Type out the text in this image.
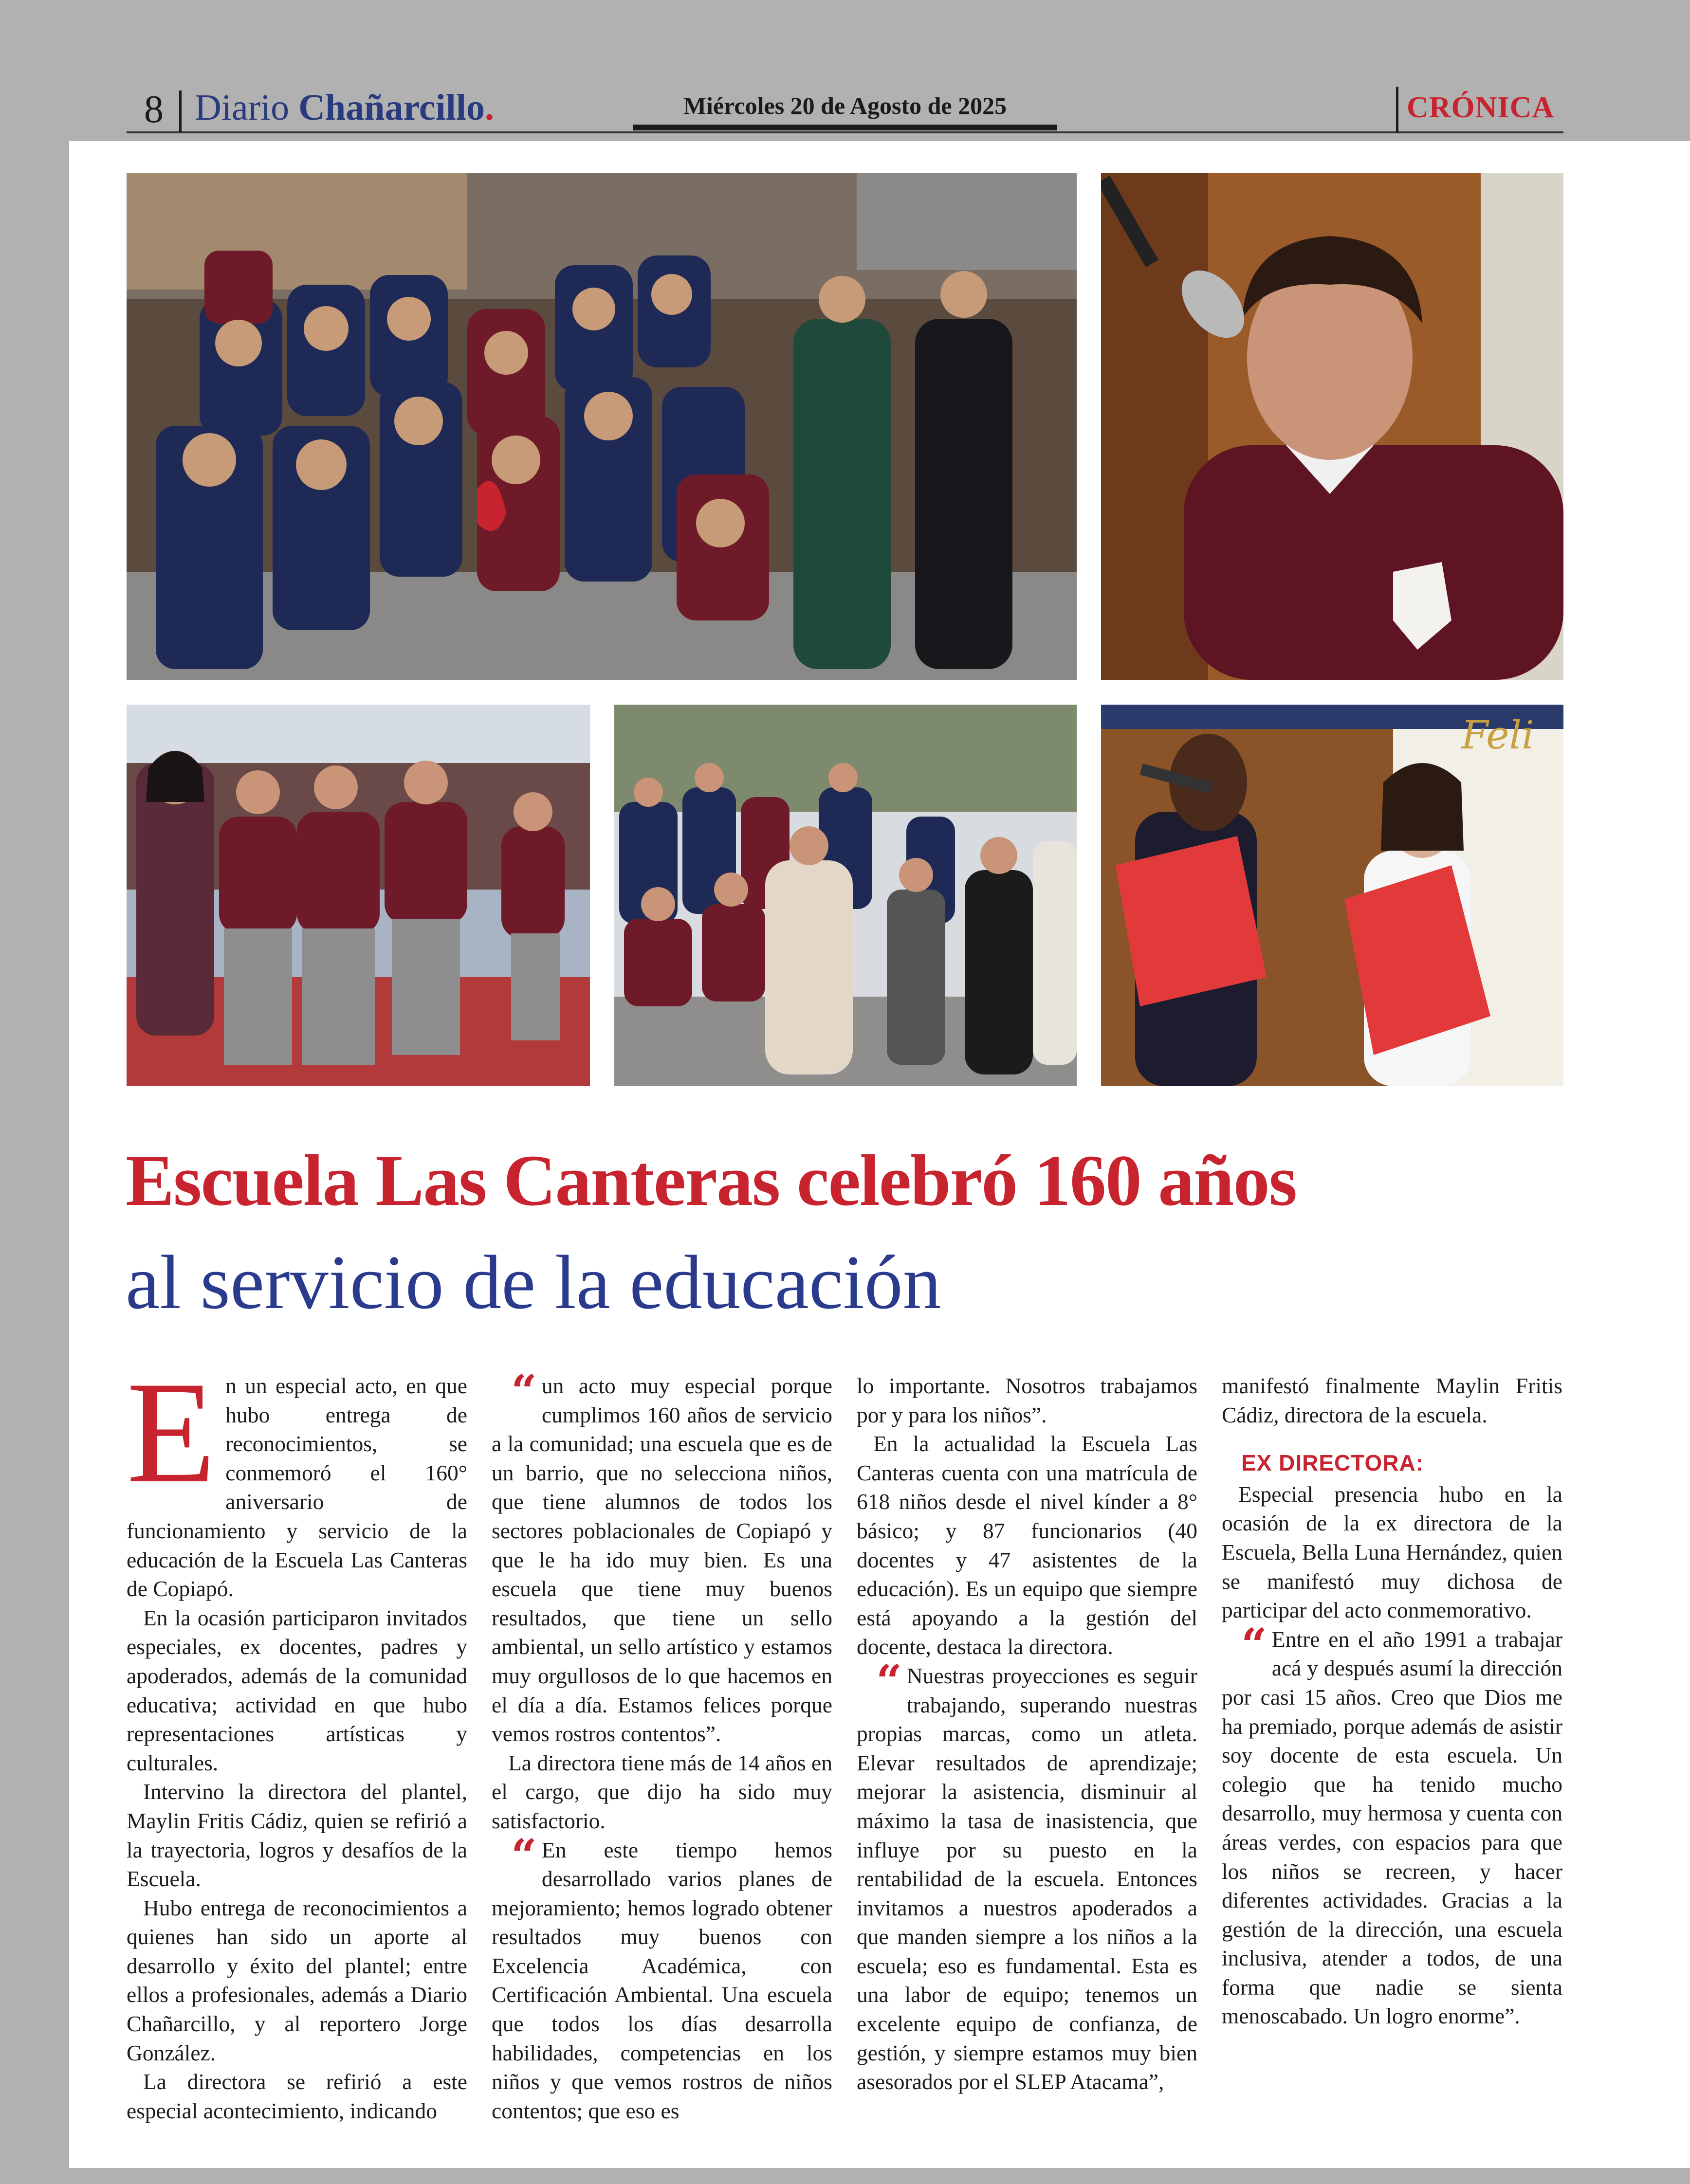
8 Diario Chañarcillo.	Miércoles 20 de Agosto de 2025	CRÓNICA
Feli
Escuela Las Canteras celebró 160 años
al servicio de la educación

En un especial acto, en que hubo entrega de reconocimientos, se conmemoró el 160° aniversario de funcionamiento y servicio de la educación de la Escuela Las Canteras de Copiapó.

En la ocasión participaron invitados especiales, ex docentes, padres y apoderados, además de la comunidad educativa; actividad en que hubo representaciones artísticas y culturales.

Intervino la directora del plantel, Maylin Fritis Cádiz, quien se refirió a la trayectoria, logros y desafíos de la Escuela.

Hubo entrega de reconocimientos a quienes han sido un aporte al desarrollo y éxito del plantel; entre ellos a profesionales, además a Diario Chañarcillo, y al reportero Jorge González.

La directora se refirió a este especial acontecimiento, indicando

“ un acto muy especial porque cumplimos 160 años de servicio a la comunidad; una escuela que es de un barrio, que no selecciona niños, que tiene alumnos de todos los sectores poblacionales de Copiapó y que le ha ido muy bien. Es una escuela que tiene muy buenos resultados, que tiene un sello ambiental, un sello artístico y estamos muy orgullosos de lo que hacemos en el día a día. Estamos felices porque vemos rostros contentos”.

La directora tiene más de 14 años en el cargo, que dijo ha sido muy satisfactorio.

“ En este tiempo hemos desarrollado varios planes de mejoramiento; hemos logrado obtener resultados muy buenos con Excelencia Académica, con Certificación Ambiental. Una escuela que todos los días desarrolla habilidades, competencias en los niños y que vemos rostros de niños contentos; que eso es

lo importante. Nosotros trabajamos por y para los niños”.

En la actualidad la Escuela Las Canteras cuenta con una matrícula de 618 niños desde el nivel kínder a 8° básico; y 87 funcionarios (40 docentes y 47 asistentes de la educación). Es un equipo que siempre está apoyando a la gestión del docente, destaca la directora.

“ Nuestras proyecciones es seguir trabajando, superando nuestras propias marcas, como un atleta. Elevar resultados de aprendizaje; mejorar la asistencia, disminuir al máximo la tasa de inasistencia, que influye por su puesto en la rentabilidad de la escuela. Entonces invitamos a nuestros apoderados a que manden siempre a los niños a la escuela; eso es fundamental. Esta es una labor de equipo; tenemos un excelente equipo de confianza, de gestión, y siempre estamos muy bien asesorados por el SLEP Atacama”,

manifestó finalmente Maylin Fritis Cádiz, directora de la escuela.

EX DIRECTORA:

Especial presencia hubo en la ocasión de la ex directora de la Escuela, Bella Luna Hernández, quien se manifestó muy dichosa de participar del acto conmemorativo.

“ Entre en el año 1991 a trabajar acá y después asumí la dirección por casi 15 años. Creo que Dios me ha premiado, porque además de asistir soy docente de esta escuela. Un colegio que ha tenido mucho desarrollo, muy hermosa y cuenta con áreas verdes, con espacios para que los niños se recreen, y hacer diferentes actividades. Gracias a la gestión de la dirección, una escuela inclusiva, atender a todos, de una forma que nadie se sienta menoscabado. Un logro enorme”.
